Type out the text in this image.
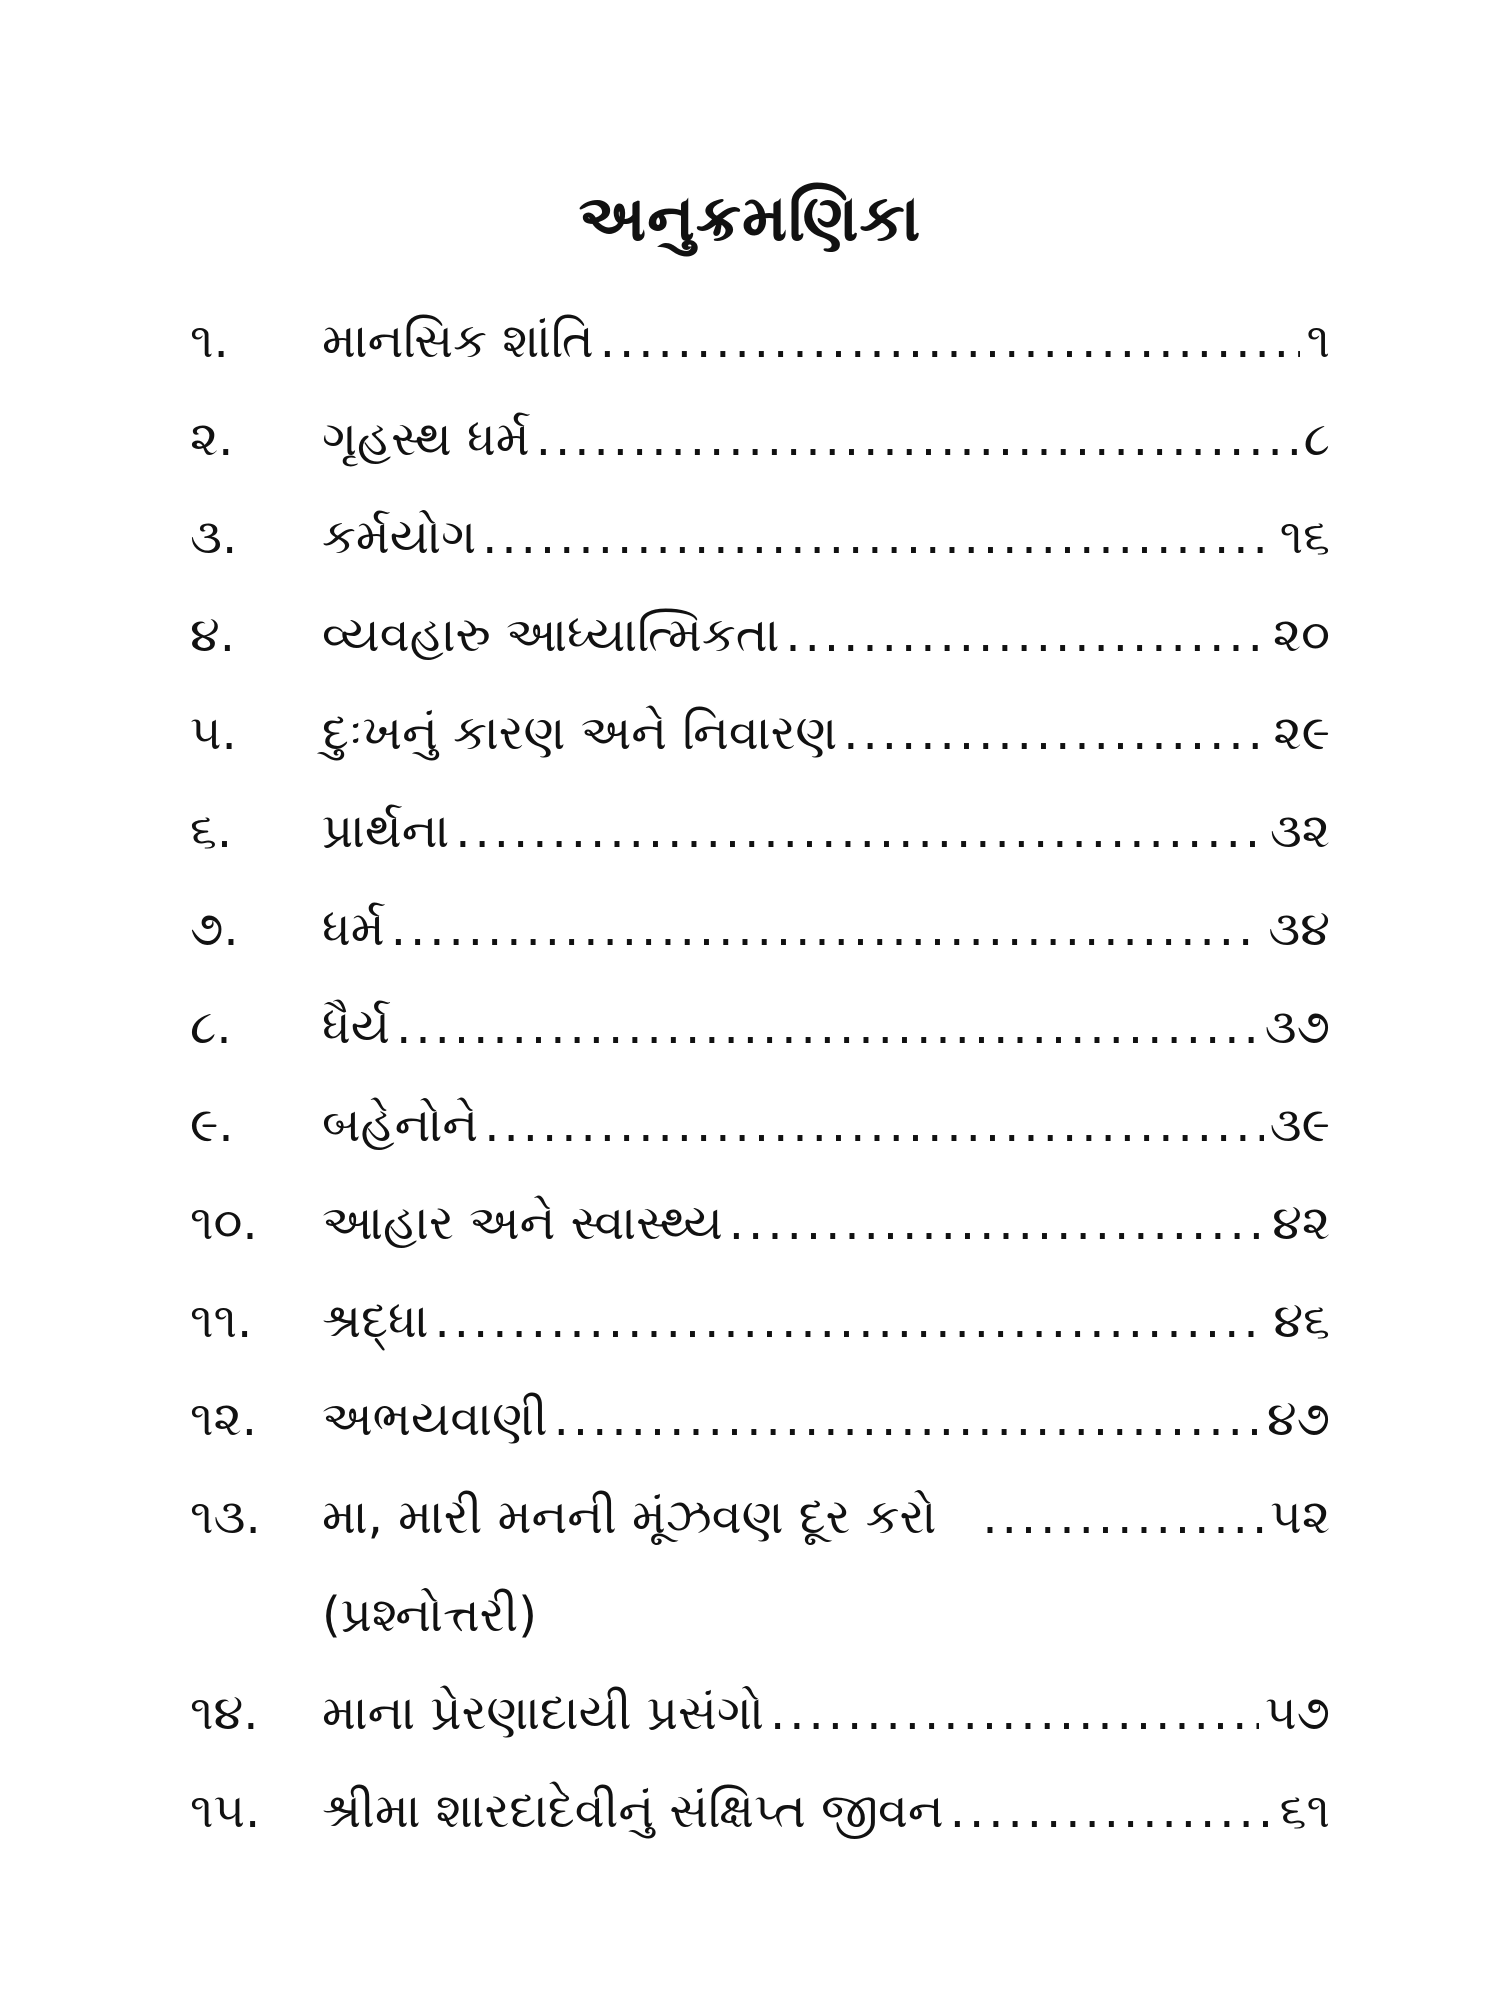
અનુક્રમણિકા
૧.	માનસિક શાંતિ .....	૧
૨.	ગૃહસ્થ ધર્મ .....	૮
૩.	કર્મયોગ .....	૧૬
૪.	વ્યવહારુ આધ્યાત્મિકતા .....	૨૦
૫.	દુઃખનું કારણ અને નિવારણ .....	૨૯
૬.	પ્રાર્થના .....	૩૨
૭.	ધર્મ .....	૩૪
૮.	ધૈર્ય .....	૩૭
૯.	બહેનોને .....	૩૯
૧૦.	આહાર અને સ્વાસ્થ્ય .....	૪૨
૧૧.	શ્રદ્ધા .....	૪૬
૧૨.	અભયવાણી .....	૪૭
૧૩.	મા, મારી મનની મૂંઝવણ દૂર કરો .....	૫૨
(પ્રશ્નોત્તરી)
૧૪.	માના પ્રેરણાદાયી પ્રસંગો .....	૫૭
૧૫.	શ્રીમા શારદાદેવીનું સંક્ષિપ્ત જીવન .....	૬૧
